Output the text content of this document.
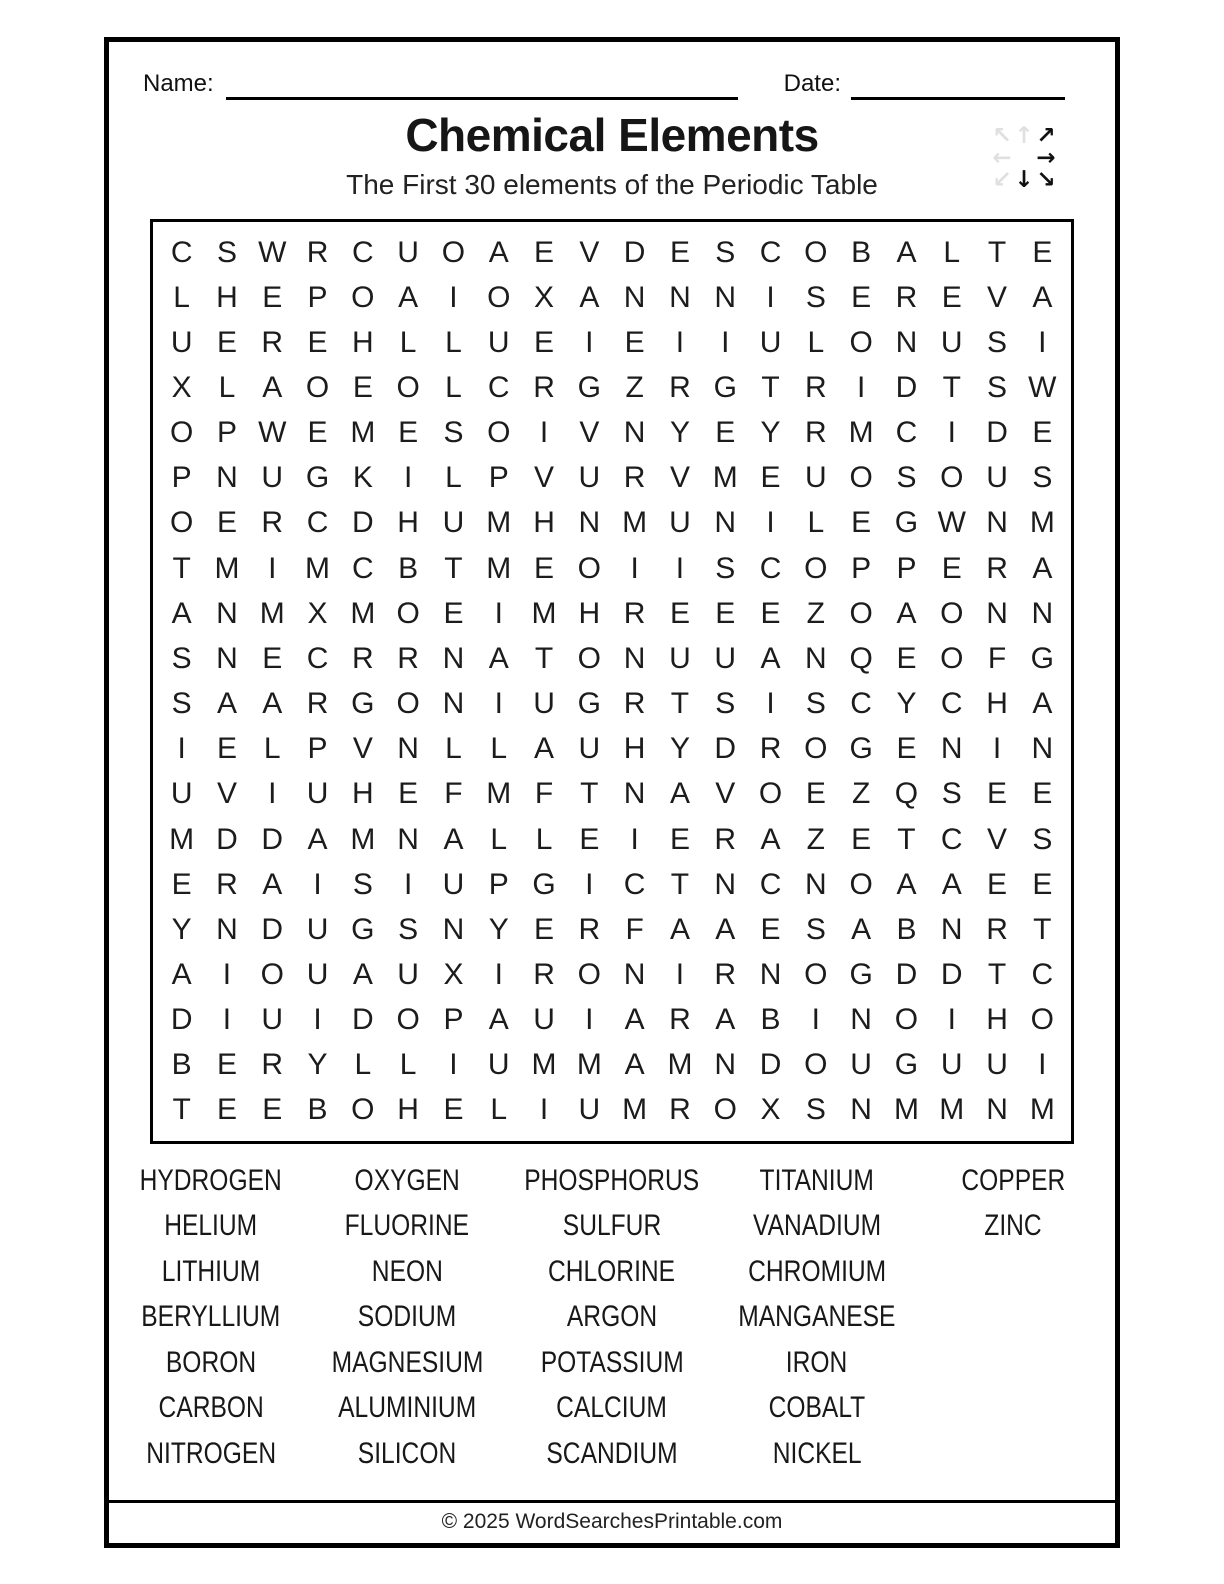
Name:	Date:
Chemical Elements
The First 30 elements of the Periodic Table
↖ ↑ ↗
← →
↙ ↓ ↘
C S W R C U O A E V D E S C O B A L T E
L H E P O A	I O X A N N N	I	S E R E V A
U E R E H L L U E	I	E	I	I	U L O N U S	I
X L A O E O L C R G Z R G T R	I	D T S W
O P W E M E S O I	V N Y E Y R M C	I	D E
P N U G K	I	L P V U R V M E U O S O U S
O E R C D H U M H N M U N	I	L E G W N M
T M I M C B T M E O I	I	S C O P P E R A
A N M X M O E	I M H R E E E Z O A O N N
S N E C R R N A T O N U U A N Q E O F G
S A A R G O N	I	U G R T S	I	S C Y C H A
I	E L P V N L L A U H Y D R O G E N	I	N
U V	I	U H E F M F T N A V O E Z Q S E E
M D D A M N A L L E	I	E R A Z E T C V S
E R A	I	S	I	U P G I	C T N C N O A A E E
Y N D U G S N Y E R F A A E S A B N R T
A	I O U A U X	I	R O N	I	R N O G D D T C
D	I	U	I	D O P A U	I	A R A B	I	N O I	H O
B E R Y L L	I	U M M A M N D O U G U U	I
T E E B O H E L	I	U M R O X S N M M N M
HYDROGEN
HELIUM
LITHIUM
BERYLLIUM
BORON
CARBON
NITROGEN
OXYGEN
FLUORINE
NEON
SODIUM
MAGNESIUM
ALUMINIUM
SILICON
PHOSPHORUS
SULFUR
CHLORINE
ARGON
POTASSIUM
CALCIUM
SCANDIUM
TITANIUM
VANADIUM
CHROMIUM
MANGANESE
IRON
COBALT
NICKEL
COPPER
ZINC
© 2025 WordSearchesPrintable.com
